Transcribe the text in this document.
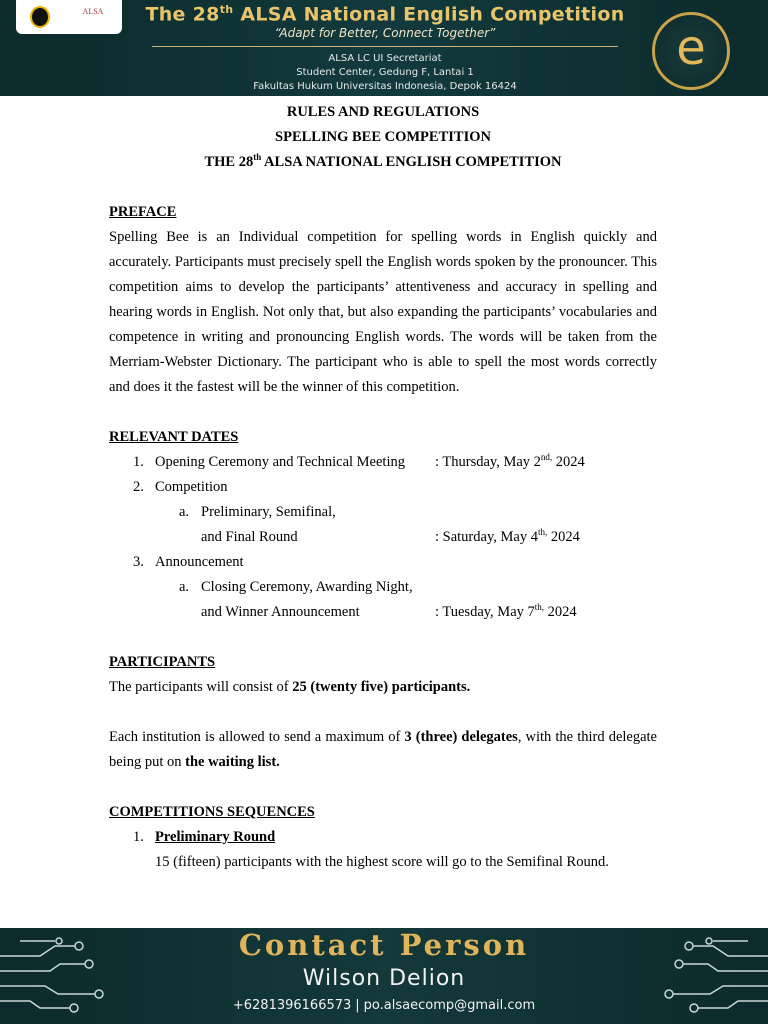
ALSA The 28th ALSA National English Competition
“Adapt for Better, Connect Together”
ALSA LC UI Secretariat
Student Center, Gedung F, Lantai 1
Fakultas Hukum Universitas Indonesia, Depok 16424
e
RULES AND REGULATIONS
SPELLING BEE COMPETITION
THE 28th ALSA NATIONAL ENGLISH COMPETITION
PREFACE
Spelling Bee is an Individual competition for spelling words in English quickly and accurately. Participants must precisely spell the English words spoken by the pronouncer. This competition aims to develop the participants’ attentiveness and accuracy in spelling and hearing words in English. Not only that, but also expanding the participants’ vocabularies and competence in writing and pronouncing English words. The words will be taken from the Merriam-Webster Dictionary. The participant who is able to spell the most words correctly and does it the fastest will be the winner of this competition.
RELEVANT DATES
1. Opening Ceremony and Technical Meeting	: Thursday, May $2^{nd,}$ 2024
2. Competition
a. Preliminary, Semifinal,
and Final Round	: Saturday, May $4^{th,}$ 2024
3. Announcement
a. Closing Ceremony, Awarding Night,
and Winner Announcement	: Tuesday, May $7^{th,}$ 2024
PARTICIPANTS
The participants will consist of 25 (twenty five) participants.
Each institution is allowed to send a maximum of 3 (three) delegates, with the third delegate being put on the waiting list.
COMPETITIONS SEQUENCES
1. Preliminary Round
15 (fifteen) participants with the highest score will go to the Semifinal Round.
Contact Person
Wilson Delion
+6281396166573 | po.alsaecomp@gmail.com
